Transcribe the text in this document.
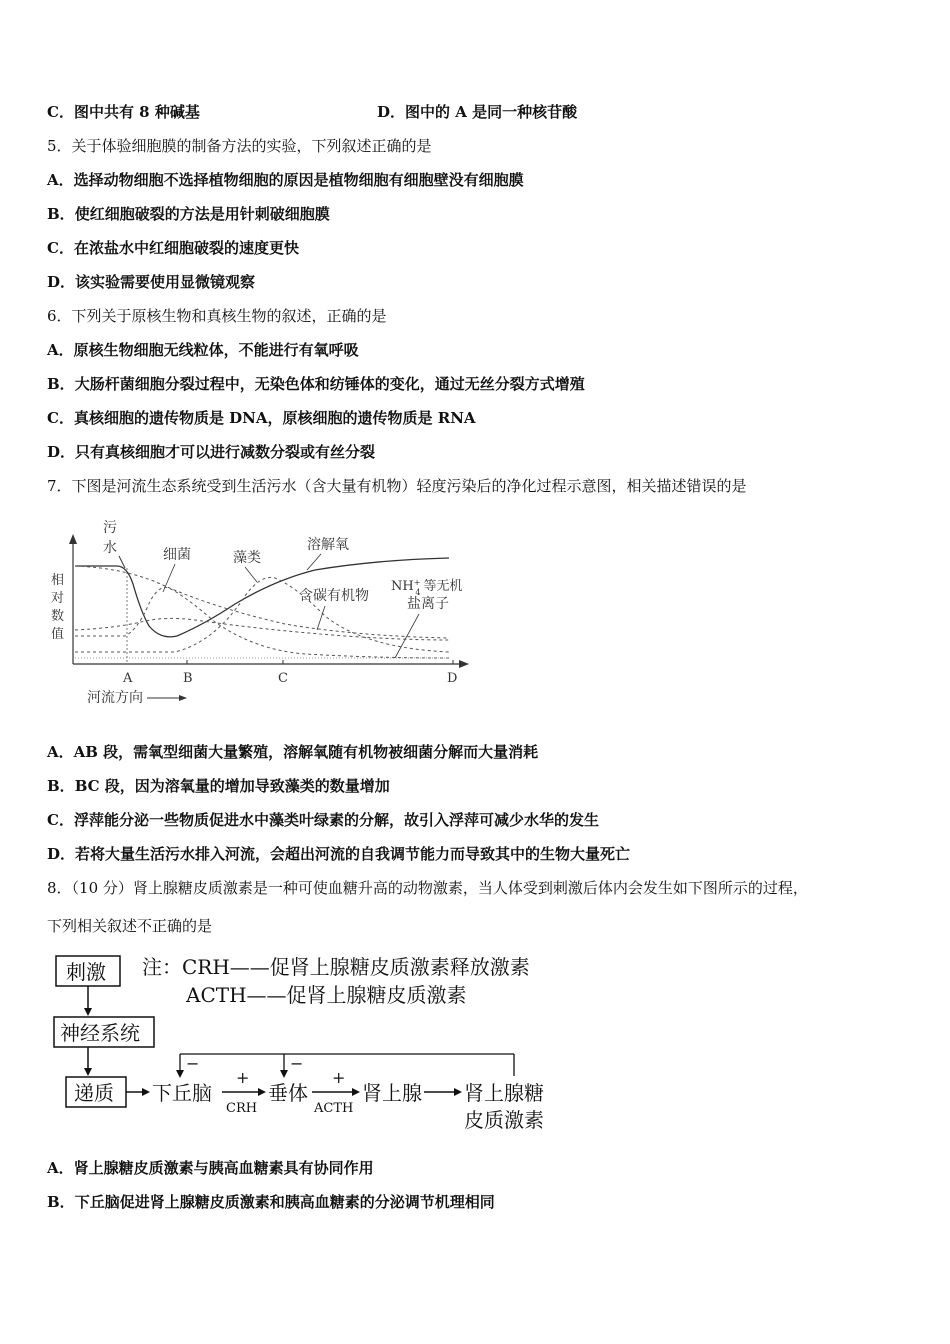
C．图中共有 8 种碱基	D．图中的 A 是同一种核苷酸
5．关于体验细胞膜的制备方法的实验，下列叙述正确的是
A．选择动物细胞不选择植物细胞的原因是植物细胞有细胞壁没有细胞膜
B．使红细胞破裂的方法是用针刺破细胞膜
C．在浓盐水中红细胞破裂的速度更快
D．该实验需要使用显微镜观察
6．下列关于原核生物和真核生物的叙述，正确的是
A．原核生物细胞无线粒体，不能进行有氧呼吸
B．大肠杆菌细胞分裂过程中，无染色体和纺锤体的变化，通过无丝分裂方式增殖
C．真核细胞的遗传物质是 DNA，原核细胞的遗传物质是 RNA
D．只有真核细胞才可以进行减数分裂或有丝分裂
7．下图是河流生态系统受到生活污水（含大量有机物）轻度污染后的净化过程示意图，相关描述错误的是
污
水
相
对
数
值
细菌	藻类
溶解氧
含碳有机物
NH+ 4 等无机
盐离子
A	B	C	D
河流方向
A．AB 段，需氧型细菌大量繁殖，溶解氧随有机物被细菌分解而大量消耗
B．BC 段，因为溶氧量的增加导致藻类的数量增加
C．浮萍能分泌一些物质促进水中藻类叶绿素的分解，故引入浮萍可减少水华的发生
D．若将大量生活污水排入河流，会超出河流的自我调节能力而导致其中的生物大量死亡
8．（10 分）肾上腺糖皮质激素是一种可使血糖升高的动物激素，当人体受到刺激后体内会发生如下图所示的过程，
下列相关叙述不正确的是
刺激
神经系统
递质 下丘脑
+
CRH
垂体
+
ACTH
肾上腺 肾上腺糖
皮质激素
−	−
注：CRH——促肾上腺糖皮质激素释放激素
ACTH——促肾上腺糖皮质激素
A．肾上腺糖皮质激素与胰高血糖素具有协同作用
B．下丘脑促进肾上腺糖皮质激素和胰高血糖素的分泌调节机理相同
